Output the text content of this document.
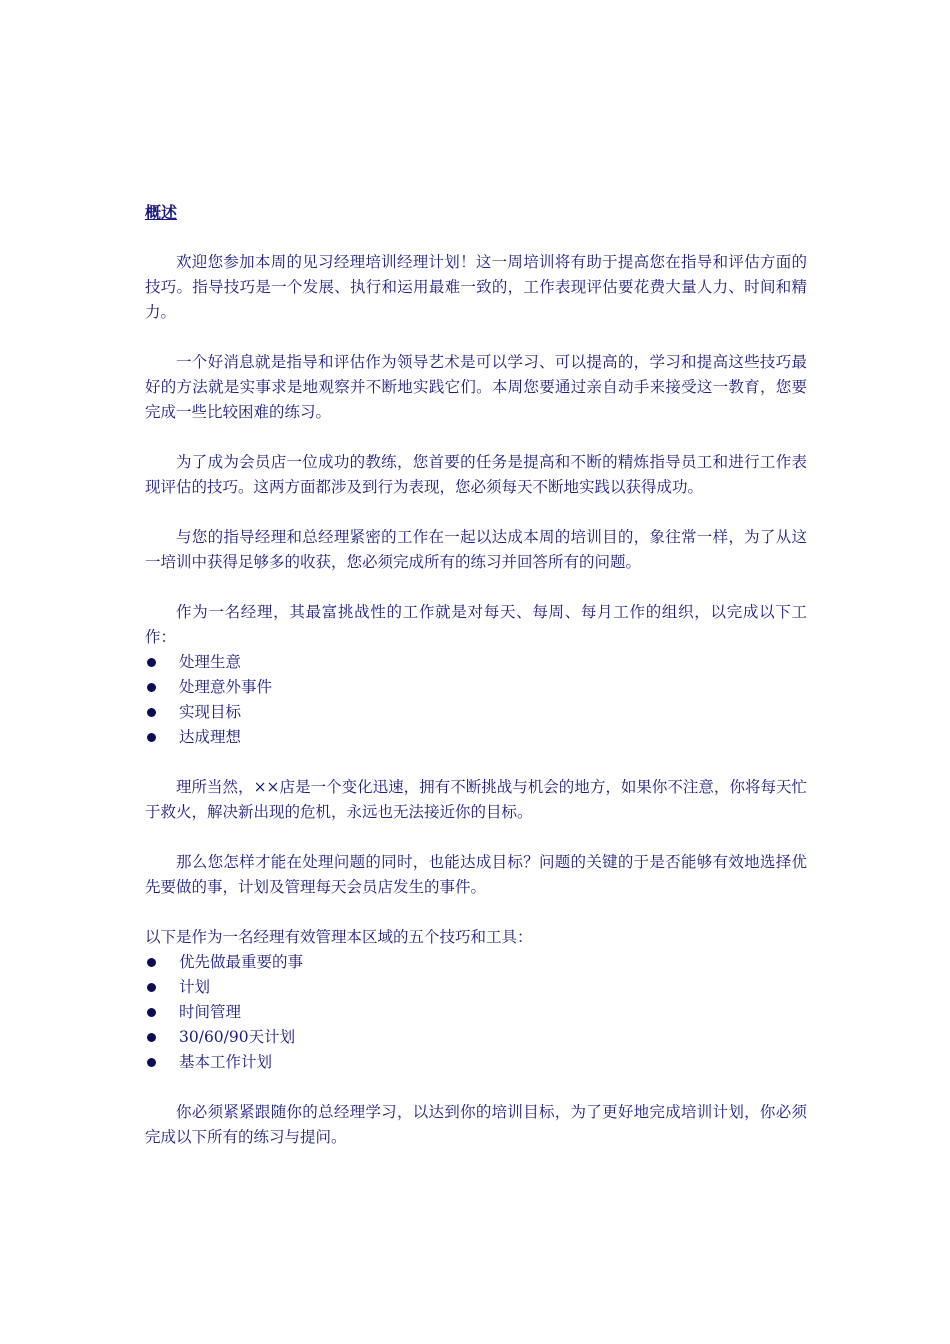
概述

欢迎您参加本周的见习经理培训经理计划！这一周培训将有助于提高您在指导和评估方面的技巧。指导技巧是一个发展、执行和运用最难一致的，工作表现评估要花费大量人力、时间和精力。

一个好消息就是指导和评估作为领导艺术是可以学习、可以提高的，学习和提高这些技巧最好的方法就是实事求是地观察并不断地实践它们。本周您要通过亲自动手来接受这一教育，您要完成一些比较困难的练习。

为了成为会员店一位成功的教练，您首要的任务是提高和不断的精炼指导员工和进行工作表现评估的技巧。这两方面都涉及到行为表现，您必须每天不断地实践以获得成功。

与您的指导经理和总经理紧密的工作在一起以达成本周的培训目的，象往常一样，为了从这一培训中获得足够多的收获，您必须完成所有的练习并回答所有的问题。

作为一名经理，其最富挑战性的工作就是对每天、每周、每月工作的组织，以完成以下工作：

处理生意
处理意外事件
实现目标
达成理想

理所当然，××店是一个变化迅速，拥有不断挑战与机会的地方，如果你不注意，你将每天忙于救火，解决新出现的危机，永远也无法接近你的目标。

那么您怎样才能在处理问题的同时，也能达成目标？问题的关键的于是否能够有效地选择优先要做的事，计划及管理每天会员店发生的事件。

以下是作为一名经理有效管理本区域的五个技巧和工具：

优先做最重要的事
计划
时间管理
30/60/90天计划
基本工作计划

你必须紧紧跟随你的总经理学习，以达到你的培训目标，为了更好地完成培训计划，你必须完成以下所有的练习与提问。
